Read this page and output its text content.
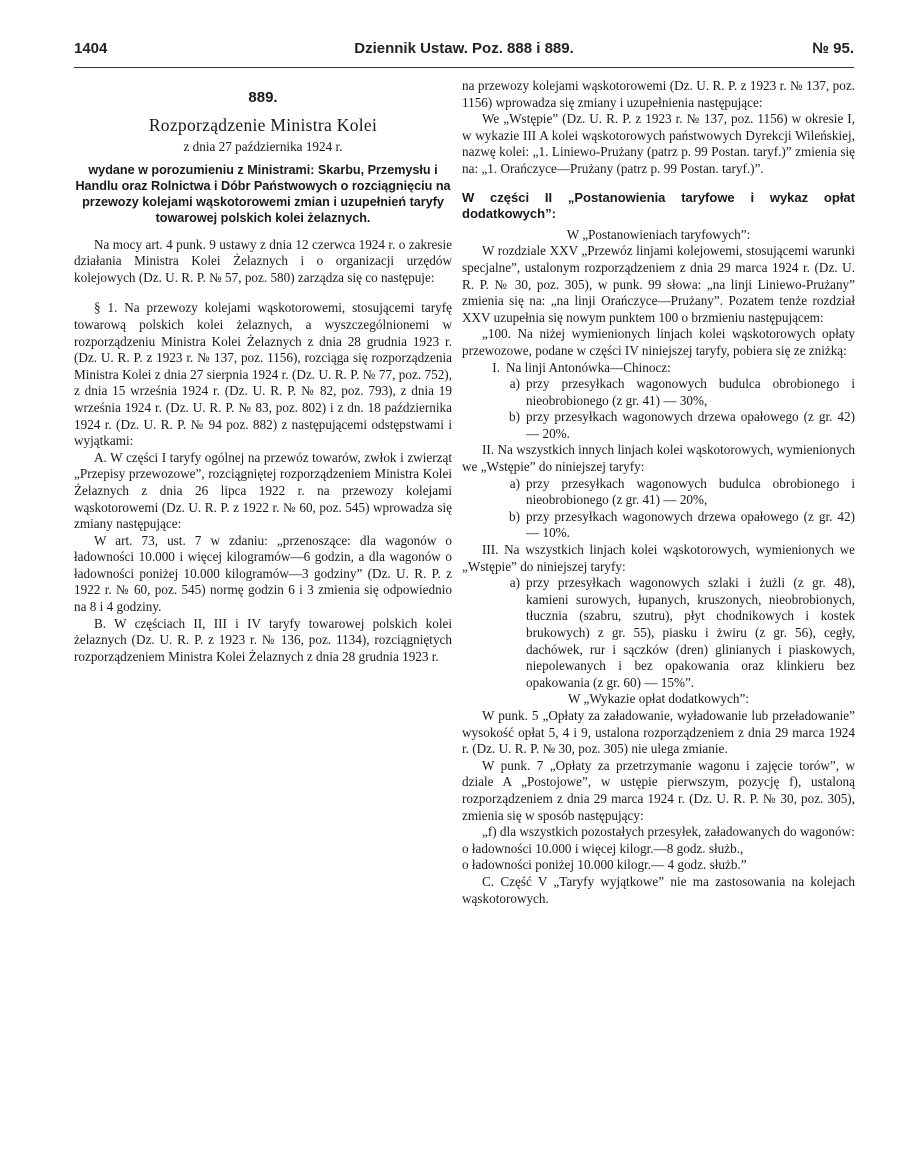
1404	Dziennik Ustaw. Poz. 888 i 889.	№ 95.
889.
Rozporządzenie Ministra Kolei
z dnia 27 października 1924 r.
wydane w porozumieniu z Ministrami: Skarbu, Przemysłu i Handlu oraz Rolnictwa i Dóbr Państwowych o rozciągnięciu na przewozy kolejami wąskotorowemi zmian i uzupełnień taryfy towarowej polskich kolei żelaznych.

Na mocy art. 4 punk. 9 ustawy z dnia 12 czerwca 1924 r. o zakresie działania Ministra Kolei Żelaznych i o organizacji urzędów kolejowych (Dz. U. R. P. № 57, poz. 580) zarządza się co następuje:

§ 1. Na przewozy kolejami wąskotorowemi, stosującemi taryfę towarową polskich kolei żelaznych, a wyszczególnionemi w rozporządzeniu Ministra Kolei Żelaznych z dnia 28 grudnia 1923 r. (Dz. U. R. P. z 1923 r. № 137, poz. 1156), rozciąga się rozporządzenia Ministra Kolei z dnia 27 sierpnia 1924 r. (Dz. U. R. P. № 77, poz. 752), z dnia 15 września 1924 r. (Dz. U. R. P. № 82, poz. 793), z dnia 19 września 1924 r. (Dz. U. R. P. № 83, poz. 802) i z dn. 18 października 1924 r. (Dz. U. R. P. № 94 poz. 882) z następującemi odstępstwami i wyjątkami:

A. W części I taryfy ogólnej na przewóz towarów, zwłok i zwierząt „Przepisy przewozowe”, rozciągniętej rozporządzeniem Ministra Kolei Żelaznych z dnia 26 lipca 1922 r. na przewozy kolejami wąskotorowemi (Dz. U. R. P. z 1922 r. № 60, poz. 545) wprowadza się zmiany następujące:

W art. 73, ust. 7 w zdaniu: „przenoszące: dla wagonów o ładowności 10.000 i więcej kilogramów—6 godzin, a dla wagonów o ładowności poniżej 10.000 kilogramów—3 godziny” (Dz. U. R. P. z 1922 r. № 60, poz. 545) normę godzin 6 i 3 zmienia się odpowiednio na 8 i 4 godziny.

B. W częściach II, III i IV taryfy towarowej polskich kolei żelaznych (Dz. U. R. P. z 1923 r. № 136, poz. 1134), rozciągniętych rozporządzeniem Ministra Kolei Żelaznych z dnia 28 grudnia 1923 r.

na przewozy kolejami wąskotorowemi (Dz. U. R. P. z 1923 r. № 137, poz. 1156) wprowadza się zmiany i uzupełnienia następujące:

We „Wstępie” (Dz. U. R. P. z 1923 r. № 137, poz. 1156) w okresie I, w wykazie III A kolei wąskotorowych państwowych Dyrekcji Wileńskiej, nazwę kolei: „1. Liniewo-Prużany (patrz p. 99 Postan. taryf.)” zmienia się na: „1. Orańczyce—Prużany (patrz p. 99 Postan. taryf.)”.

W części II „Postanowienia taryfowe i wykaz opłat dodatkowych”:

W „Postanowieniach taryfowych”:

W rozdziale XXV „Przewóz linjami kolejowemi, stosującemi warunki specjalne”, ustalonym rozporządzeniem z dnia 29 marca 1924 r. (Dz. U. R. P. № 30, poz. 305), w punk. 99 słowa: „na linji Liniewo-Prużany” zmienia się na: „na linji Orańczyce—Prużany”. Pozatem tenże rozdział XXV uzupełnia się nowym punktem 100 o brzmieniu następującem:

„100. Na niżej wymienionych linjach kolei wąskotorowych opłaty przewozowe, podane w części IV niniejszej taryfy, pobiera się ze zniżką:

I. Na linji Antonówka—Chinocz:
a) przy przesyłkach wagonowych budulca obrobionego i nieobrobionego (z gr. 41) — 30%,
b) przy przesyłkach wagonowych drzewa opałowego (z gr. 42) — 20%.

II. Na wszystkich innych linjach kolei wąskotorowych, wymienionych we „Wstępie” do niniejszej taryfy:

a) przy przesyłkach wagonowych budulca obrobionego i nieobrobionego (z gr. 41) — 20%,
b) przy przesyłkach wagonowych drzewa opałowego (z gr. 42) — 10%.

III. Na wszystkich linjach kolei wąskotorowych, wymienionych we „Wstępie” do niniejszej taryfy:

a) przy przesyłkach wagonowych szlaki i żużli (z gr. 48), kamieni surowych, łupanych, kruszonych, nieobrobionych, tłucznia (szabru, szutru), płyt chodnikowych i kostek brukowych) z gr. 55), piasku i żwiru (z gr. 56), cegły, dachówek, rur i sączków (dren) glinianych i piaskowych, niepolewanych i bez opakowania oraz klinkieru bez opakowania (z gr. 60) — 15%”.

W „Wykazie opłat dodatkowych”:

W punk. 5 „Opłaty za załadowanie, wyładowanie lub przeładowanie” wysokość opłat 5, 4 i 9, ustalona rozporządzeniem z dnia 29 marca 1924 r. (Dz. U. R. P. № 30, poz. 305) nie ulega zmianie.

W punk. 7 „Opłaty za przetrzymanie wagonu i zajęcie torów”, w dziale A „Postojowe”, w ustępie pierwszym, pozycję f), ustaloną rozporządzeniem z dnia 29 marca 1924 r. (Dz. U. R. P. № 30, poz. 305), zmienia się w sposób następujący:

„f) dla wszystkich pozostałych przesyłek, załadowanych do wagonów:

o ładowności 10.000 i więcej kilogr.—8 godz. służb.,

o ładowności poniżej 10.000 kilogr.— 4 godz. służb.”

C. Część V „Taryfy wyjątkowe” nie ma zastosowania na kolejach wąskotorowych.
